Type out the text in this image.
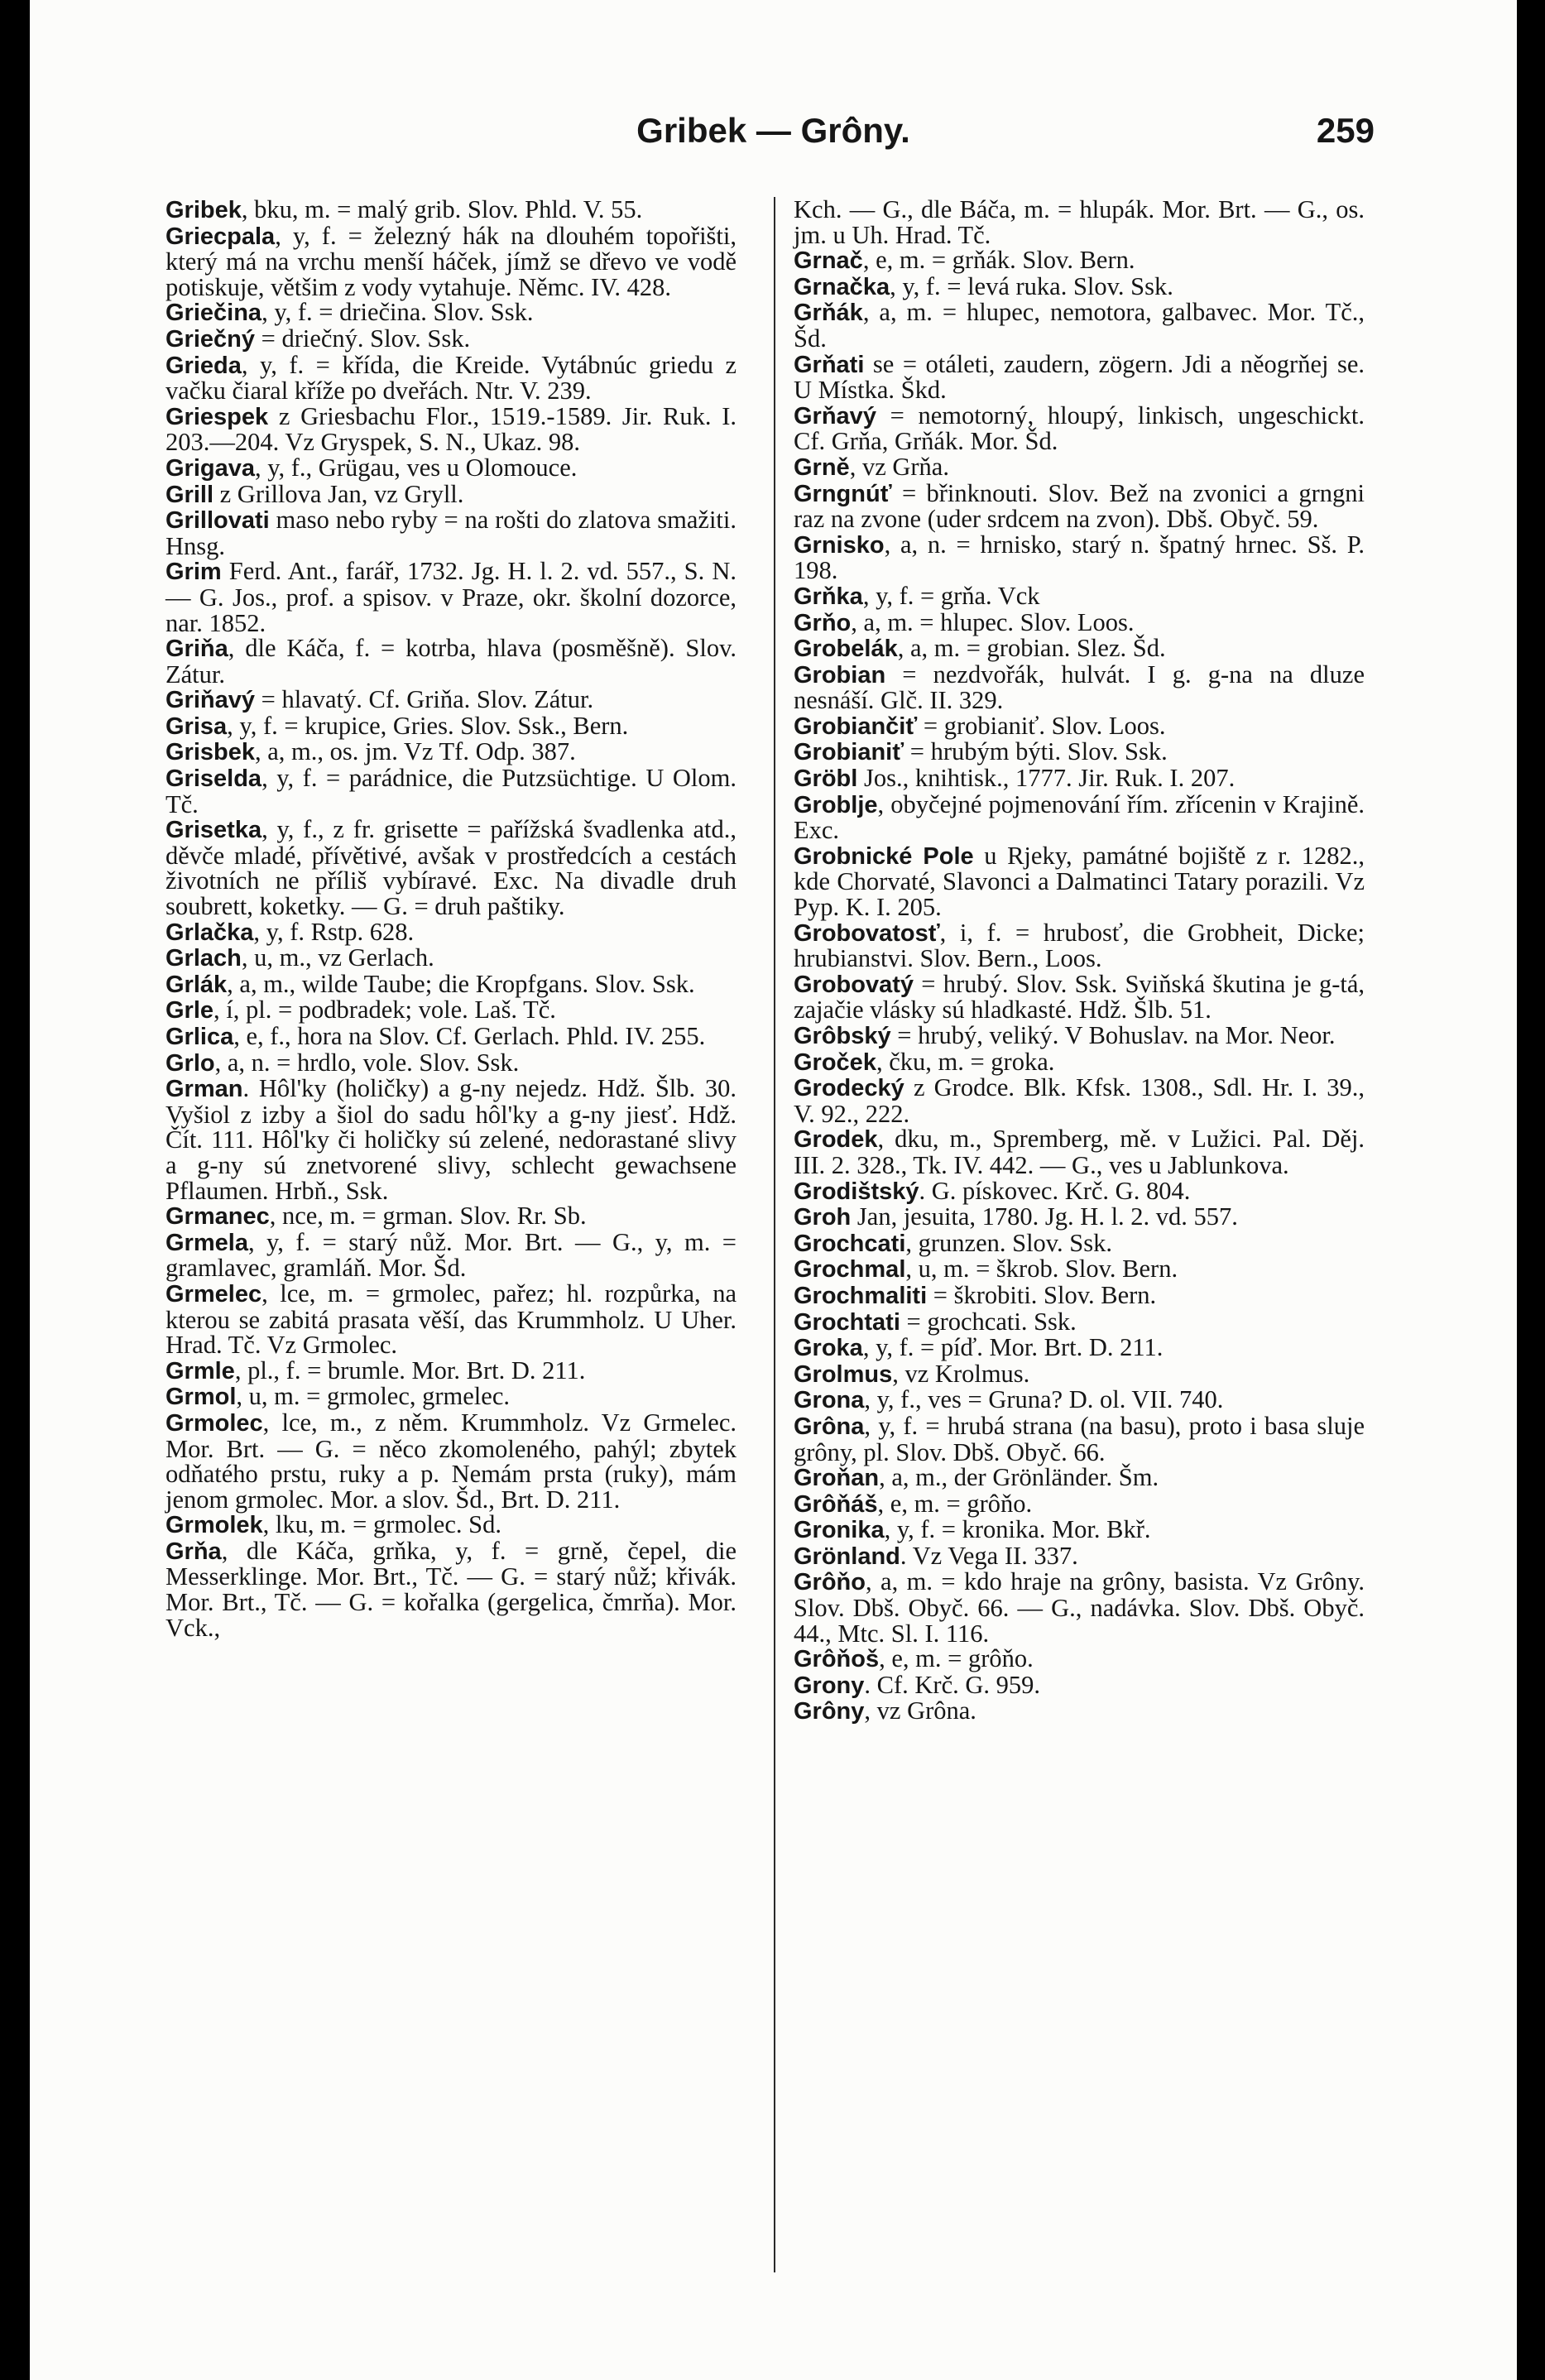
Gribek — Grôny.	259

Gribek, bku, m. = malý grib. Slov. Phld. V. 55.

Griecpala, y, f. = železný hák na dlouhém topořišti, který má na vrchu menší háček, jímž se dřevo ve vodě potiskuje, většim z vody vytahuje. Němc. IV. 428.

Griečina, y, f. = driečina. Slov. Ssk.

Griečný = driečný. Slov. Ssk.

Grieda, y, f. = křída, die Kreide. Vytábnúc griedu z vačku čiaral kříže po dveřách. Ntr. V. 239.

Griespek z Griesbachu Flor., 1519.-1589. Jir. Ruk. I. 203.—204. Vz Gryspek, S. N., Ukaz. 98.

Grigava, y, f., Grügau, ves u Olomouce.

Grill z Grillova Jan, vz Gryll.

Grillovati maso nebo ryby = na rošti do zlatova smažiti. Hnsg.

Grim Ferd. Ant., farář, 1732. Jg. H. l. 2. vd. 557., S. N. — G. Jos., prof. a spisov. v Praze, okr. školní dozorce, nar. 1852.

Griňa, dle Káča, f. = kotrba, hlava (posměšně). Slov. Zátur.

Griňavý = hlavatý. Cf. Griňa. Slov. Zátur.

Grisa, y, f. = krupice, Gries. Slov. Ssk., Bern.

Grisbek, a, m., os. jm. Vz Tf. Odp. 387.

Griselda, y, f. = parádnice, die Putzsüchtige. U Olom. Tč.

Grisetka, y, f., z fr. grisette = pařížská švadlenka atd., děvče mladé, přívětivé, avšak v prostředcích a cestách životních ne příliš vybíravé. Exc. Na divadle druh soubrett, koketky. — G. = druh paštiky.

Grlačka, y, f. Rstp. 628.

Grlach, u, m., vz Gerlach.

Grlák, a, m., wilde Taube; die Kropfgans. Slov. Ssk.

Grle, í, pl. = podbradek; vole. Laš. Tč.

Grlica, e, f., hora na Slov. Cf. Gerlach. Phld. IV. 255.

Grlo, a, n. = hrdlo, vole. Slov. Ssk.

Grman. Hôl'ky (holičky) a g-ny nejedz. Hdž. Šlb. 30. Vyšiol z izby a šiol do sadu hôl'ky a g-ny jiesť. Hdž. Čít. 111. Hôl'ky či holičky sú zelené, nedorastané slivy a g-ny sú znetvorené slivy, schlecht gewachsene Pflaumen. Hrbň., Ssk.

Grmanec, nce, m. = grman. Slov. Rr. Sb.

Grmela, y, f. = starý nůž. Mor. Brt. — G., y, m. = gramlavec, gramláň. Mor. Šd.

Grmelec, lce, m. = grmolec, pařez; hl. rozpůrka, na kterou se zabitá prasata věší, das Krummholz. U Uher. Hrad. Tč. Vz Grmolec.

Grmle, pl., f. = brumle. Mor. Brt. D. 211.

Grmol, u, m. = grmolec, grmelec.

Grmolec, lce, m., z něm. Krummholz. Vz Grmelec. Mor. Brt. — G. = něco zkomoleného, pahýl; zbytek odňatého prstu, ruky a p. Nemám prsta (ruky), mám jenom grmolec. Mor. a slov. Šd., Brt. D. 211.

Grmolek, lku, m. = grmolec. Sd.

Grňa, dle Káča, grňka, y, f. = grně, čepel, die Messerklinge. Mor. Brt., Tč. — G. = starý nůž; křivák. Mor. Brt., Tč. — G. = kořalka (gergelica, čmrňa). Mor. Vck.,

Kch. — G., dle Báča, m. = hlupák. Mor. Brt. — G., os. jm. u Uh. Hrad. Tč.

Grnač, e, m. = grňák. Slov. Bern.

Grnačka, y, f. = levá ruka. Slov. Ssk.

Grňák, a, m. = hlupec, nemotora, galbavec. Mor. Tč., Šd.

Grňati se = otáleti, zaudern, zögern. Jdi a něogrňej se. U Místka. Škd.

Grňavý = nemotorný, hloupý, linkisch, ungeschickt. Cf. Grňa, Grňák. Mor. Šd.

Grně, vz Grňa.

Grngnúť = břinknouti. Slov. Bež na zvonici a grngni raz na zvone (uder srdcem na zvon). Dbš. Obyč. 59.

Grnisko, a, n. = hrnisko, starý n. špatný hrnec. Sš. P. 198.

Grňka, y, f. = grňa. Vck

Grňo, a, m. = hlupec. Slov. Loos.

Grobelák, a, m. = grobian. Slez. Šd.

Grobian = nezdvořák, hulvát. I g. g-na na dluze nesnáší. Glč. II. 329.

Grobiančiť = grobianiť. Slov. Loos.

Grobianiť = hrubým býti. Slov. Ssk.

Gröbl Jos., knihtisk., 1777. Jir. Ruk. I. 207.

Groblje, obyčejné pojmenování řím. zřícenin v Krajině. Exc.

Grobnické Pole u Rjeky, památné bojiště z r. 1282., kde Chorvaté, Slavonci a Dalmatinci Tatary porazili. Vz Pyp. K. I. 205.

Grobovatosť, i, f. = hrubosť, die Grobheit, Dicke; hrubianstvi. Slov. Bern., Loos.

Grobovatý = hrubý. Slov. Ssk. Sviňská škutina je g-tá, zajačie vlásky sú hladkasté. Hdž. Šlb. 51.

Grôbský = hrubý, veliký. V Bohuslav. na Mor. Neor.

Groček, čku, m. = groka.

Grodecký z Grodce. Blk. Kfsk. 1308., Sdl. Hr. I. 39., V. 92., 222.

Grodek, dku, m., Spremberg, mě. v Lužici. Pal. Děj. III. 2. 328., Tk. IV. 442. — G., ves u Jablunkova.

Grodištský. G. pískovec. Krč. G. 804.

Groh Jan, jesuita, 1780. Jg. H. l. 2. vd. 557.

Grochcati, grunzen. Slov. Ssk.

Grochmal, u, m. = škrob. Slov. Bern.

Grochmaliti = škrobiti. Slov. Bern.

Grochtati = grochcati. Ssk.

Groka, y, f. = píď. Mor. Brt. D. 211.

Grolmus, vz Krolmus.

Grona, y, f., ves = Gruna? D. ol. VII. 740.

Grôna, y, f. = hrubá strana (na basu), proto i basa sluje grôny, pl. Slov. Dbš. Obyč. 66.

Groňan, a, m., der Grönländer. Šm.

Grôňáš, e, m. = grôňo.

Gronika, y, f. = kronika. Mor. Bkř.

Grönland. Vz Vega II. 337.

Grôňo, a, m. = kdo hraje na grôny, basista. Vz Grôny. Slov. Dbš. Obyč. 66. — G., nadávka. Slov. Dbš. Obyč. 44., Mtc. Sl. I. 116.

Grôňoš, e, m. = grôňo.

Grony. Cf. Krč. G. 959.

Grôny, vz Grôna.
